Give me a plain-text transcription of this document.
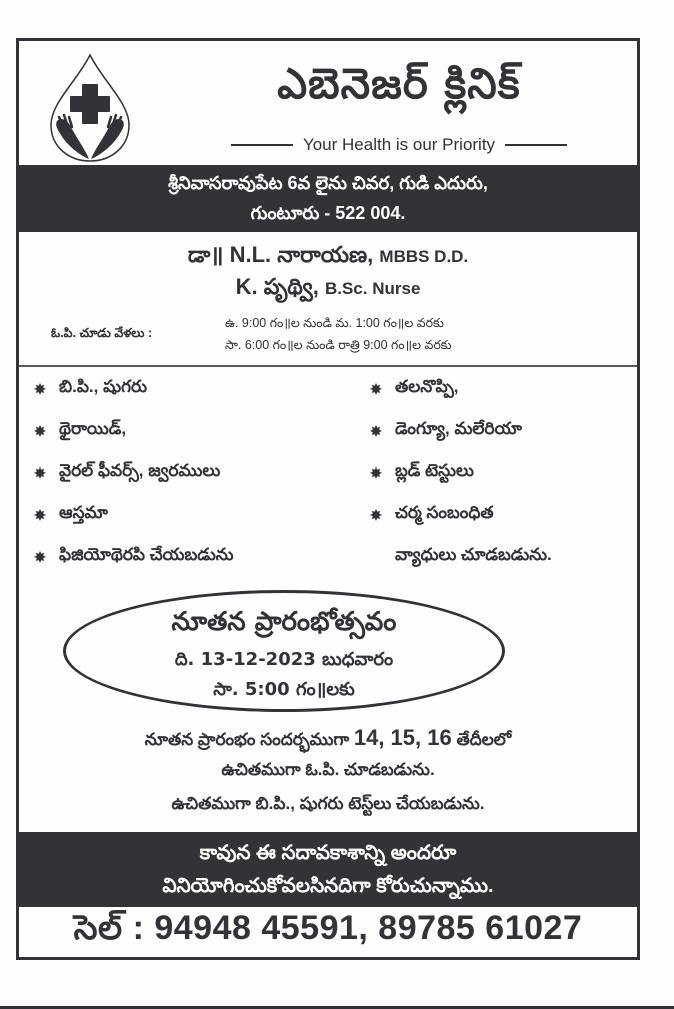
ఎబెనెజర్ క్లినిక్
Your Health is our Priority
శ్రీనివాసరావుపేట 6వ లైను చివర, గుడి ఎదురు,
గుంటూరు - 522 004.
డా॥ N.L. నారాయణ, MBBS D.D.
K. పృథ్వి, B.Sc. Nurse
ఓ.పి. చూడు వేళలు :
ఉ. 9:00 గం॥ల నుండి మ. 1:00 గం॥ల వరకు
సా. 6:00 గం॥ల నుండి రాత్రి 9:00 గం॥ల వరకు
✸ బి.పి., షుగరు
✸ థైరాయిడ్,
✸ వైరల్ ఫీవర్స్, జ్వరములు
✸ ఆస్తమా
✸ ఫిజియోథెరపి చేయబడును
✸ తలనొప్పి,
✸ డెంగ్యూ, మలేరియా
✸ బ్లడ్ టెస్టులు
✸ చర్మ సంబంధిత
వ్యాధులు చూడబడును.
నూతన ప్రారంభోత్సవం
ది. 13-12-2023 బుధవారం
సా. 5:00 గం॥లకు
నూతన ప్రారంభం సందర్భముగా 14, 15, 16 తేదీలలో
ఉచితముగా ఓ.పి. చూడబడును.
ఉచితముగా బి.పి., షుగరు టెస్ట్‌లు చేయబడును.
కావున ఈ సదావకాశాన్ని అందరూ
వినియోగించుకోవలసినదిగా కోరుచున్నాము.
సెల్ : 94948 45591, 89785 61027
